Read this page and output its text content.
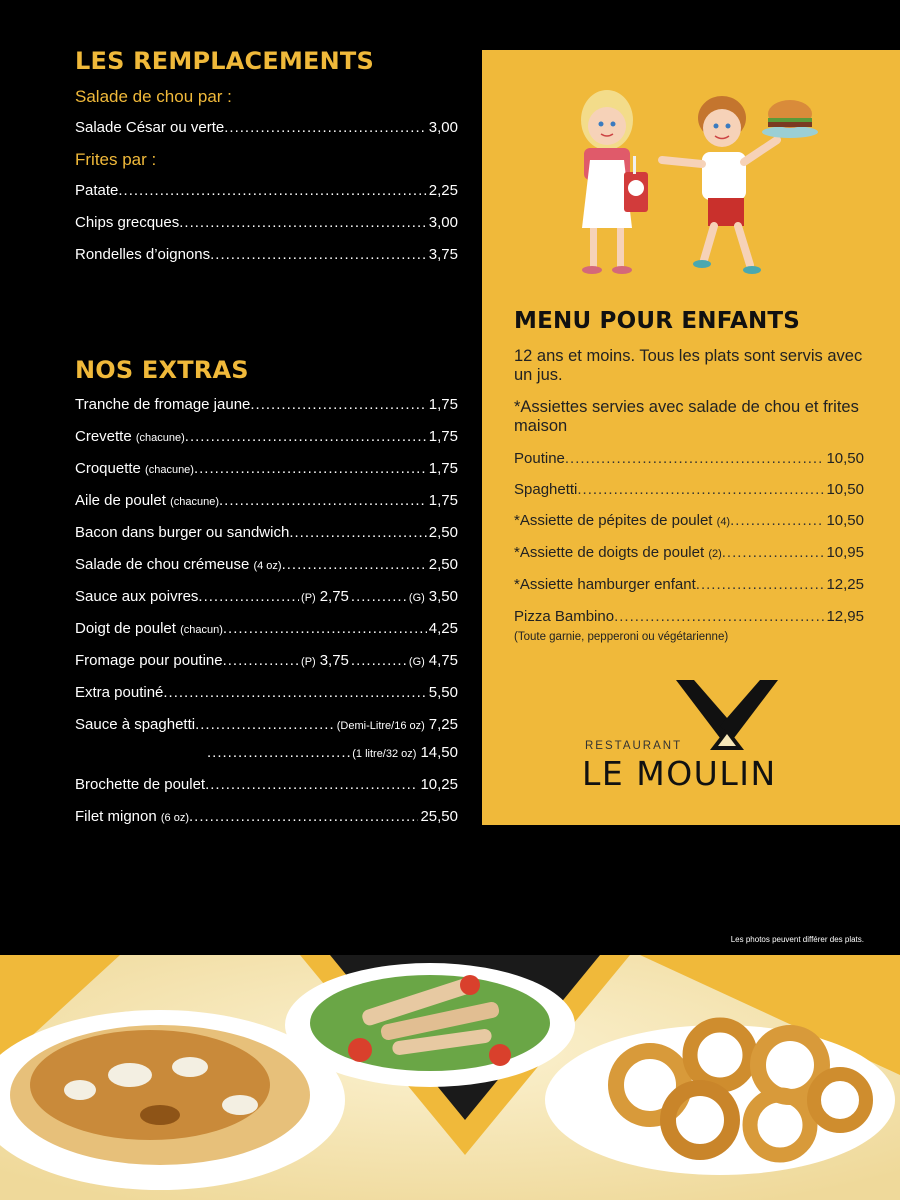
LES REMPLACEMENTS
Salade de chou par :
Salade César ou verte .....	3,00
Frites par :
Patate .....	2,25
Chips grecques .....	3,00
Rondelles d’oignons .....	3,75
NOS EXTRAS
Tranche de fromage jaune .....	1,75
Crevette
(chacune) .....	1,75
Croquette
(chacune) .....	1,75
Aile de poulet
(chacune) .....	1,75
Bacon dans burger ou sandwich .....	2,50
Salade de chou crémeuse
(4 oz) .....	2,50
Sauce aux poivres .....	(P) 2,75 .....	(G) 3,50
Doigt de poulet
(chacun) .....	4,25
Fromage pour poutine .....	(P) 3,75 .....	(G) 4,75
Extra poutiné .....	5,50
Sauce à spaghetti .....	(Demi-Litre/16 oz) 7,25
.....
(1 litre/32 oz) 14,50
Brochette de poulet .....	10,25
Filet mignon
(6 oz) .....	25,50
MENU POUR ENFANTS
12 ans et moins. Tous les plats sont servis avec un jus.
*Assiettes servies avec salade de chou et frites maison
Poutine .....	10,50
Spaghetti .....	10,50
*Assiette de pépites de poulet
(4) .....	10,50
*Assiette de doigts de poulet
(2) .....	10,95
*Assiette hamburger enfant .....	12,25
Pizza Bambino .....	12,95
(Toute garnie, pepperoni ou végétarienne)
RESTAURANT
LE MOULIN
Les photos peuvent différer des plats.
